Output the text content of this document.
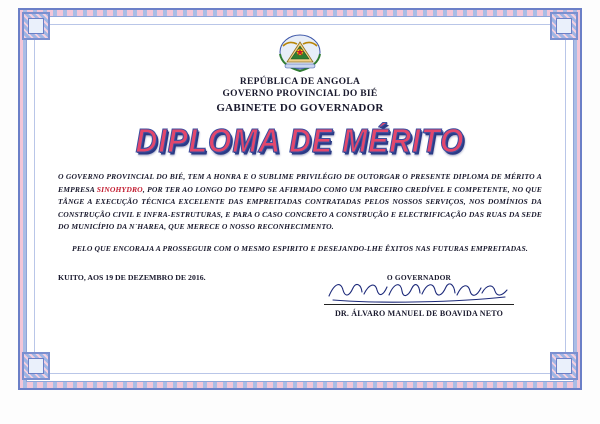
REPÚBLICA DE ANGOLA
GOVERNO PROVINCIAL DO BIÉ
GABINETE DO GOVERNADOR
DIPLOMA DE MÉRITO
O GOVERNO PROVINCIAL DO BIÉ, TEM A HONRA E O SUBLIME PRIVILÉGIO DE OUTORGAR O PRESENTE DIPLOMA DE MÉRITO A EMPRESA SINOHYDRO, POR TER AO LONGO DO TEMPO SE AFIRMADO COMO UM PARCEIRO CREDÍVEL E COMPETENTE, NO QUE TÂNGE A EXECUÇÃO TÉCNICA EXCELENTE DAS EMPREITADAS CONTRATADAS PELOS NOSSOS SERVIÇOS, NOS DOMÍNIOS DA CONSTRUÇÃO CIVIL E INFRA-ESTRUTURAS, E PARA O CASO CONCRETO A CONSTRUÇÃO E ELECTRIFICAÇÃO DAS RUAS DA SEDE DO MUNICÍPIO DA N´HAREA, QUE MERECE O NOSSO RECONHECIMENTO.
PELO QUE ENCORAJA A PROSSEGUIR COM O MESMO ESPIRITO E DESEJANDO-LHE ÊXITOS NAS FUTURAS EMPREITADAS.
KUITO, AOS 19 DE DEZEMBRO DE 2016.	O GOVERNADOR
DR. ÁLVARO MANUEL DE BOAVIDA NETO
